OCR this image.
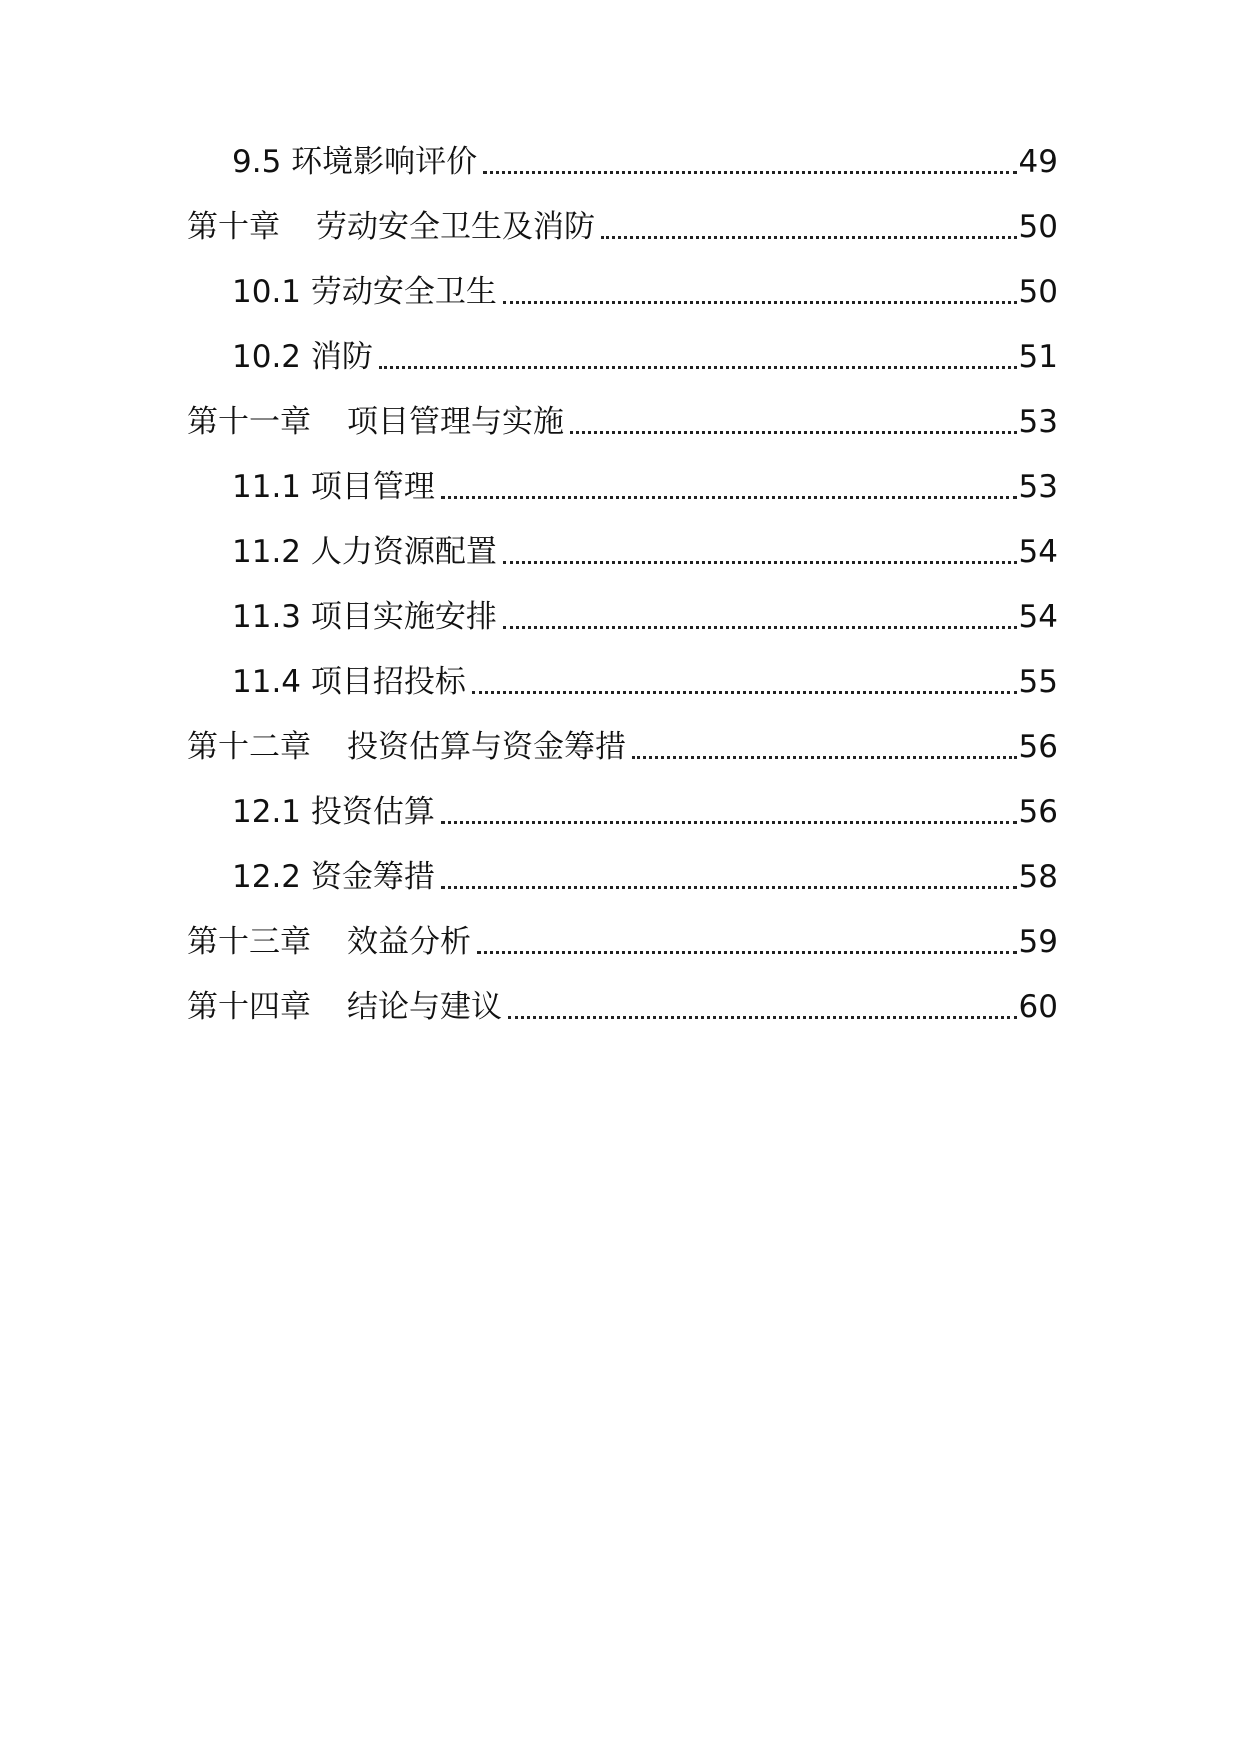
9.5 环境影响评价	49
第十章 劳动安全卫生及消防	50
10.1 劳动安全卫生	50
10.2 消防	51
第十一章 项目管理与实施	53
11.1 项目管理	53
11.2 人力资源配置	54
11.3 项目实施安排	54
11.4 项目招投标	55
第十二章 投资估算与资金筹措	56
12.1 投资估算	56
12.2 资金筹措	58
第十三章 效益分析	59
第十四章 结论与建议	60
